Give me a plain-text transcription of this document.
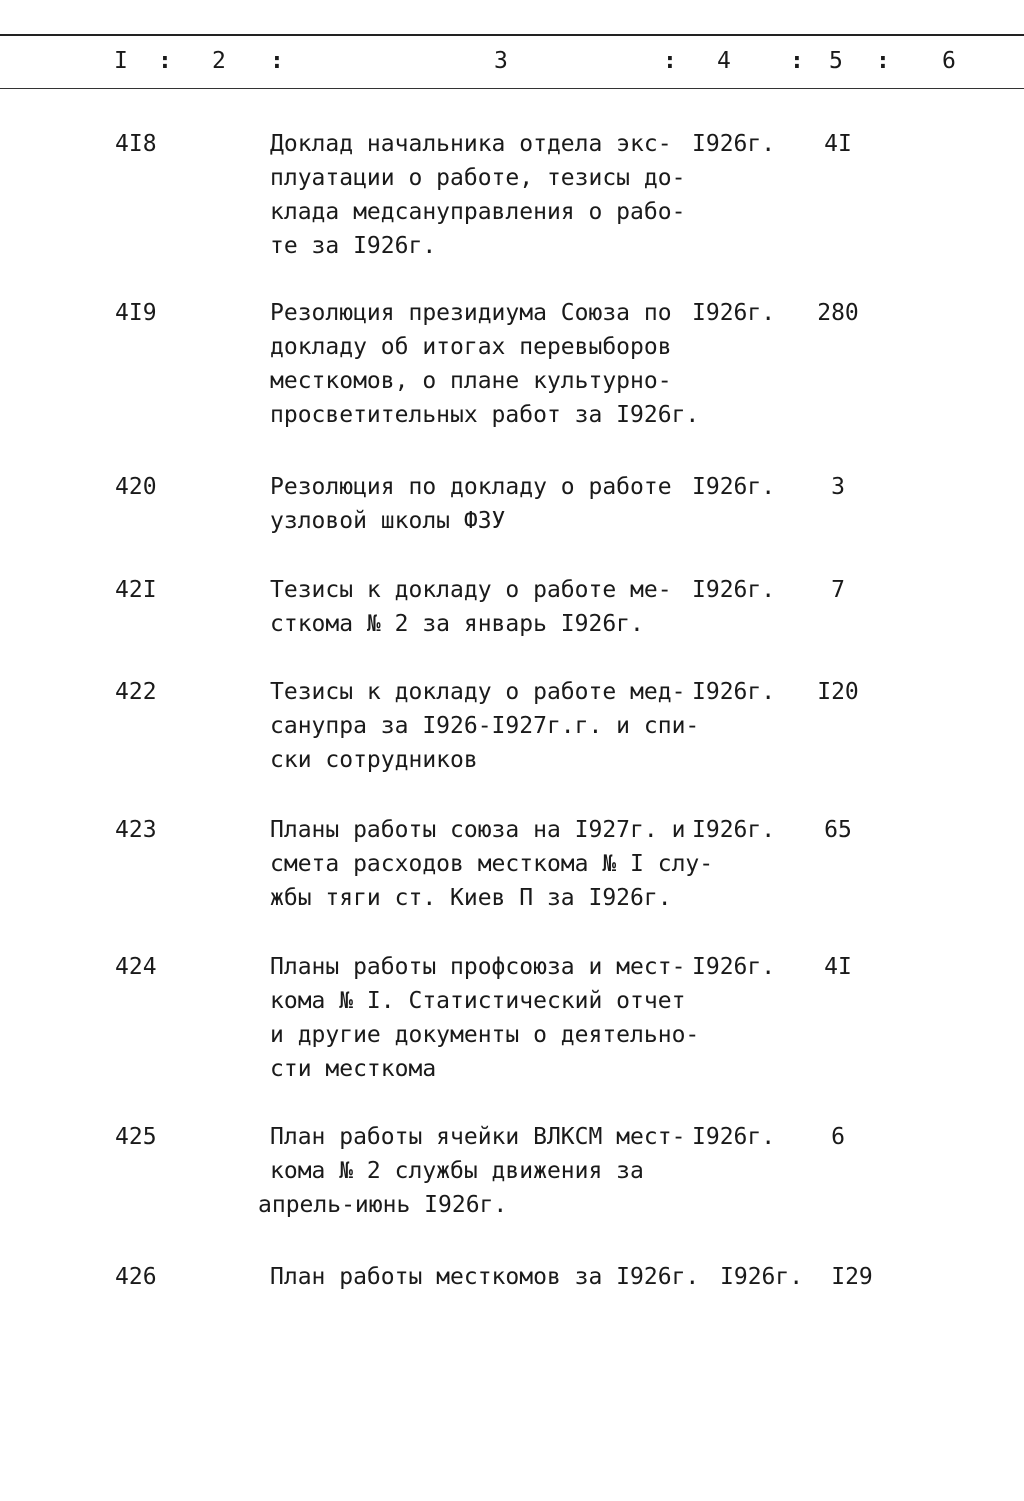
I : 2 :	3	: 4	: 5 : 6
4I8	Доклад начальника отдела экс-
плуатации о работе, тезисы до-
клада медсануправления о рабо-
те за I926г.
I926г.	4I
4I9	Резолюция президиума Союза по
докладу об итогах перевыборов
месткомов, о плане культурно-
просветительных работ за I926г.
I926г.	280
420	Резолюция по докладу о работе
узловой школы ФЗУ
I926г.	3
42I	Тезисы к докладу о работе ме-
сткома № 2 за январь I926г.
I926г.	7
422	Тезисы к докладу о работе мед-
санупра за I926-I927г.г. и спи-
ски сотрудников
I926г.	I20
423	Планы работы союза на I927г. и
смета расходов месткома № I слу-
жбы тяги ст. Киев П за I926г.
I926г.	65
424	Планы работы профсоюза и мест-
кома № I. Статистический отчет
и другие документы о деятельно-
сти месткома
I926г.	4I
425	План работы ячейки ВЛКСМ мест-
кома № 2 службы движения за
апрель-июнь I926г.
I926г.	6
426	План работы месткомов за I926г. I926г.	I29
